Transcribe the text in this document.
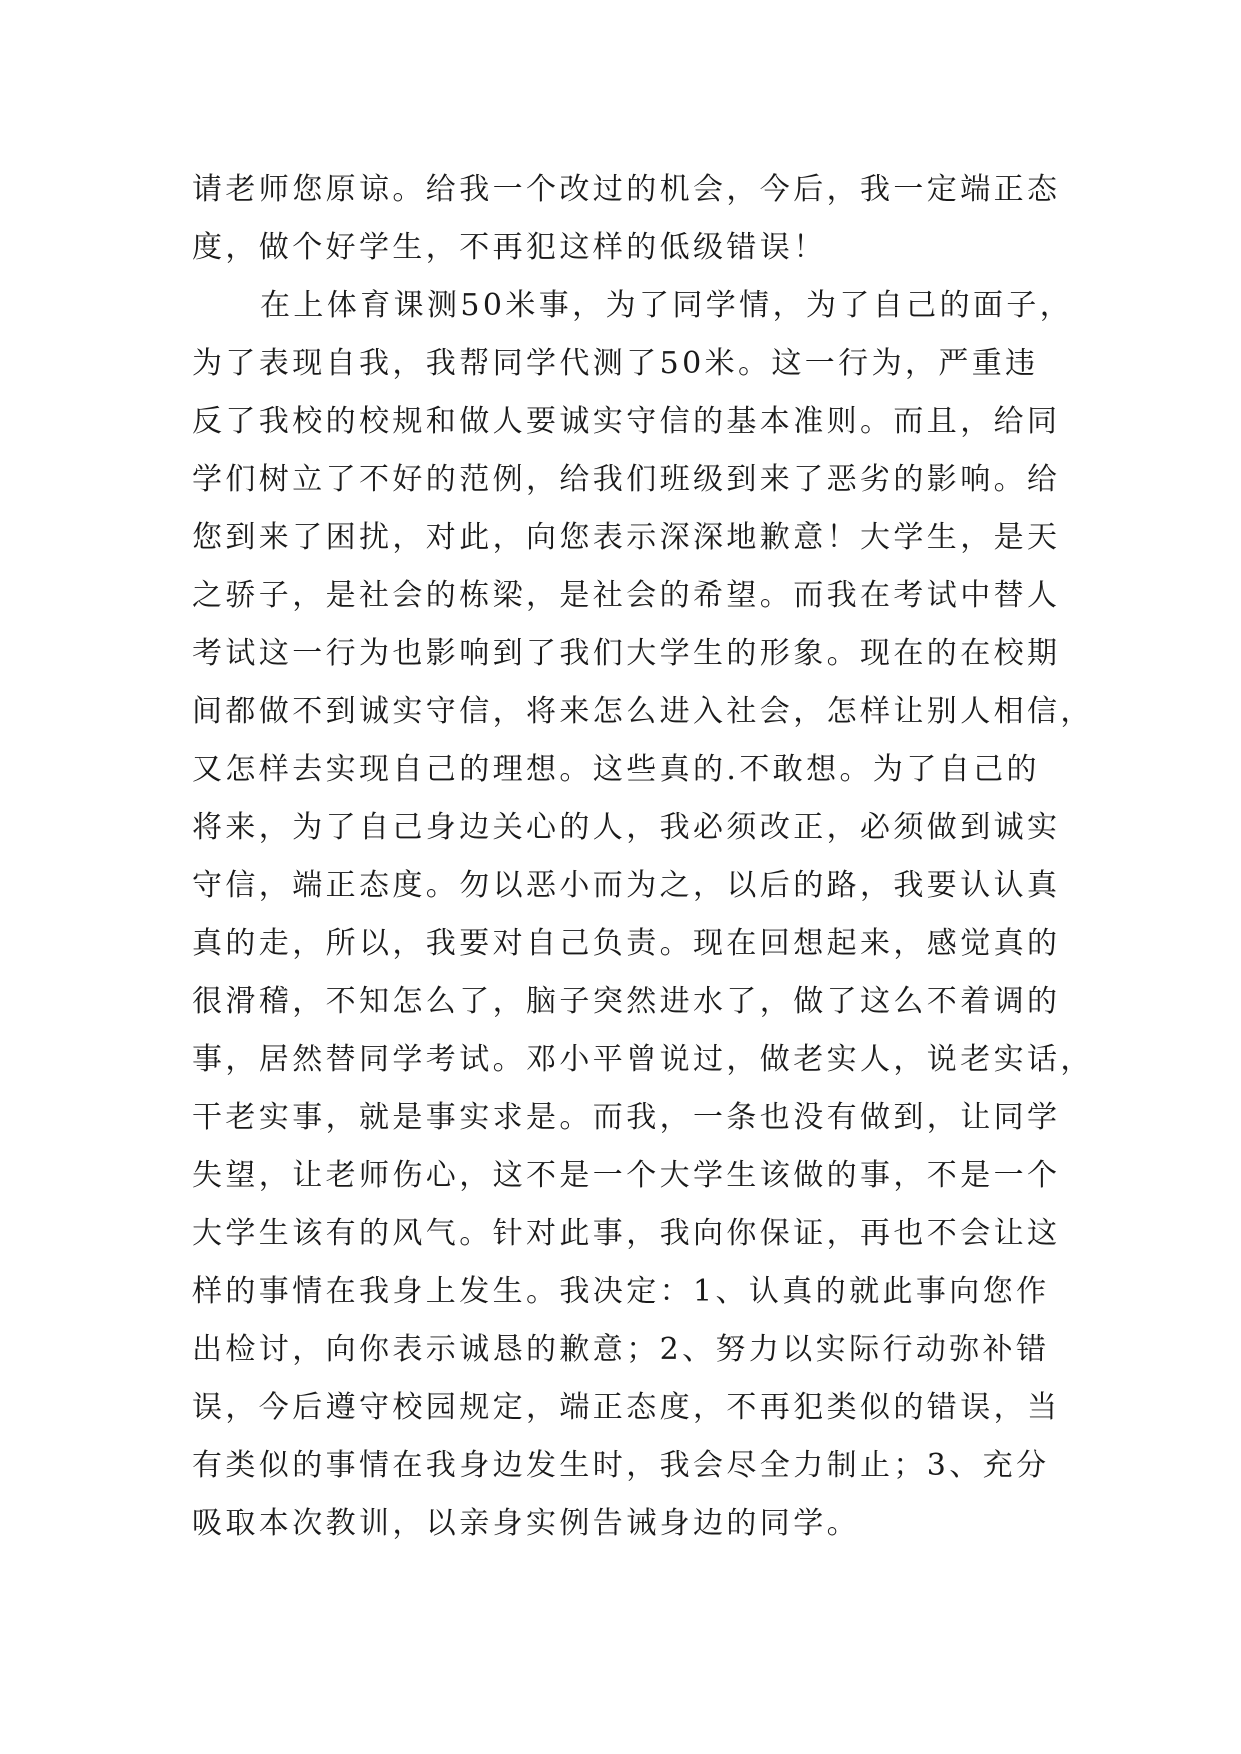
请老师您原谅。给我一个改过的机会，今后，我一定端正态
度，做个好学生，不再犯这样的低级错误！
在上体育课测50米事，为了同学情，为了自己的面子，
为了表现自我，我帮同学代测了50米。这一行为，严重违
反了我校的校规和做人要诚实守信的基本准则。而且，给同
学们树立了不好的范例，给我们班级到来了恶劣的影响。给
您到来了困扰，对此，向您表示深深地歉意！大学生，是天
之骄子，是社会的栋梁，是社会的希望。而我在考试中替人
考试这一行为也影响到了我们大学生的形象。现在的在校期
间都做不到诚实守信，将来怎么进入社会，怎样让别人相信，
又怎样去实现自己的理想。这些真的.不敢想。为了自己的
将来，为了自己身边关心的人，我必须改正，必须做到诚实
守信，端正态度。勿以恶小而为之，以后的路，我要认认真
真的走，所以，我要对自己负责。现在回想起来，感觉真的
很滑稽，不知怎么了，脑子突然进水了，做了这么不着调的
事，居然替同学考试。邓小平曾说过，做老实人，说老实话，
干老实事，就是事实求是。而我，一条也没有做到，让同学
失望，让老师伤心，这不是一个大学生该做的事，不是一个
大学生该有的风气。针对此事，我向你保证，再也不会让这
样的事情在我身上发生。我决定：1、认真的就此事向您作
出检讨，向你表示诚恳的歉意；2、努力以实际行动弥补错
误，今后遵守校园规定，端正态度，不再犯类似的错误，当
有类似的事情在我身边发生时，我会尽全力制止；3、充分
吸取本次教训，以亲身实例告诫身边的同学。
